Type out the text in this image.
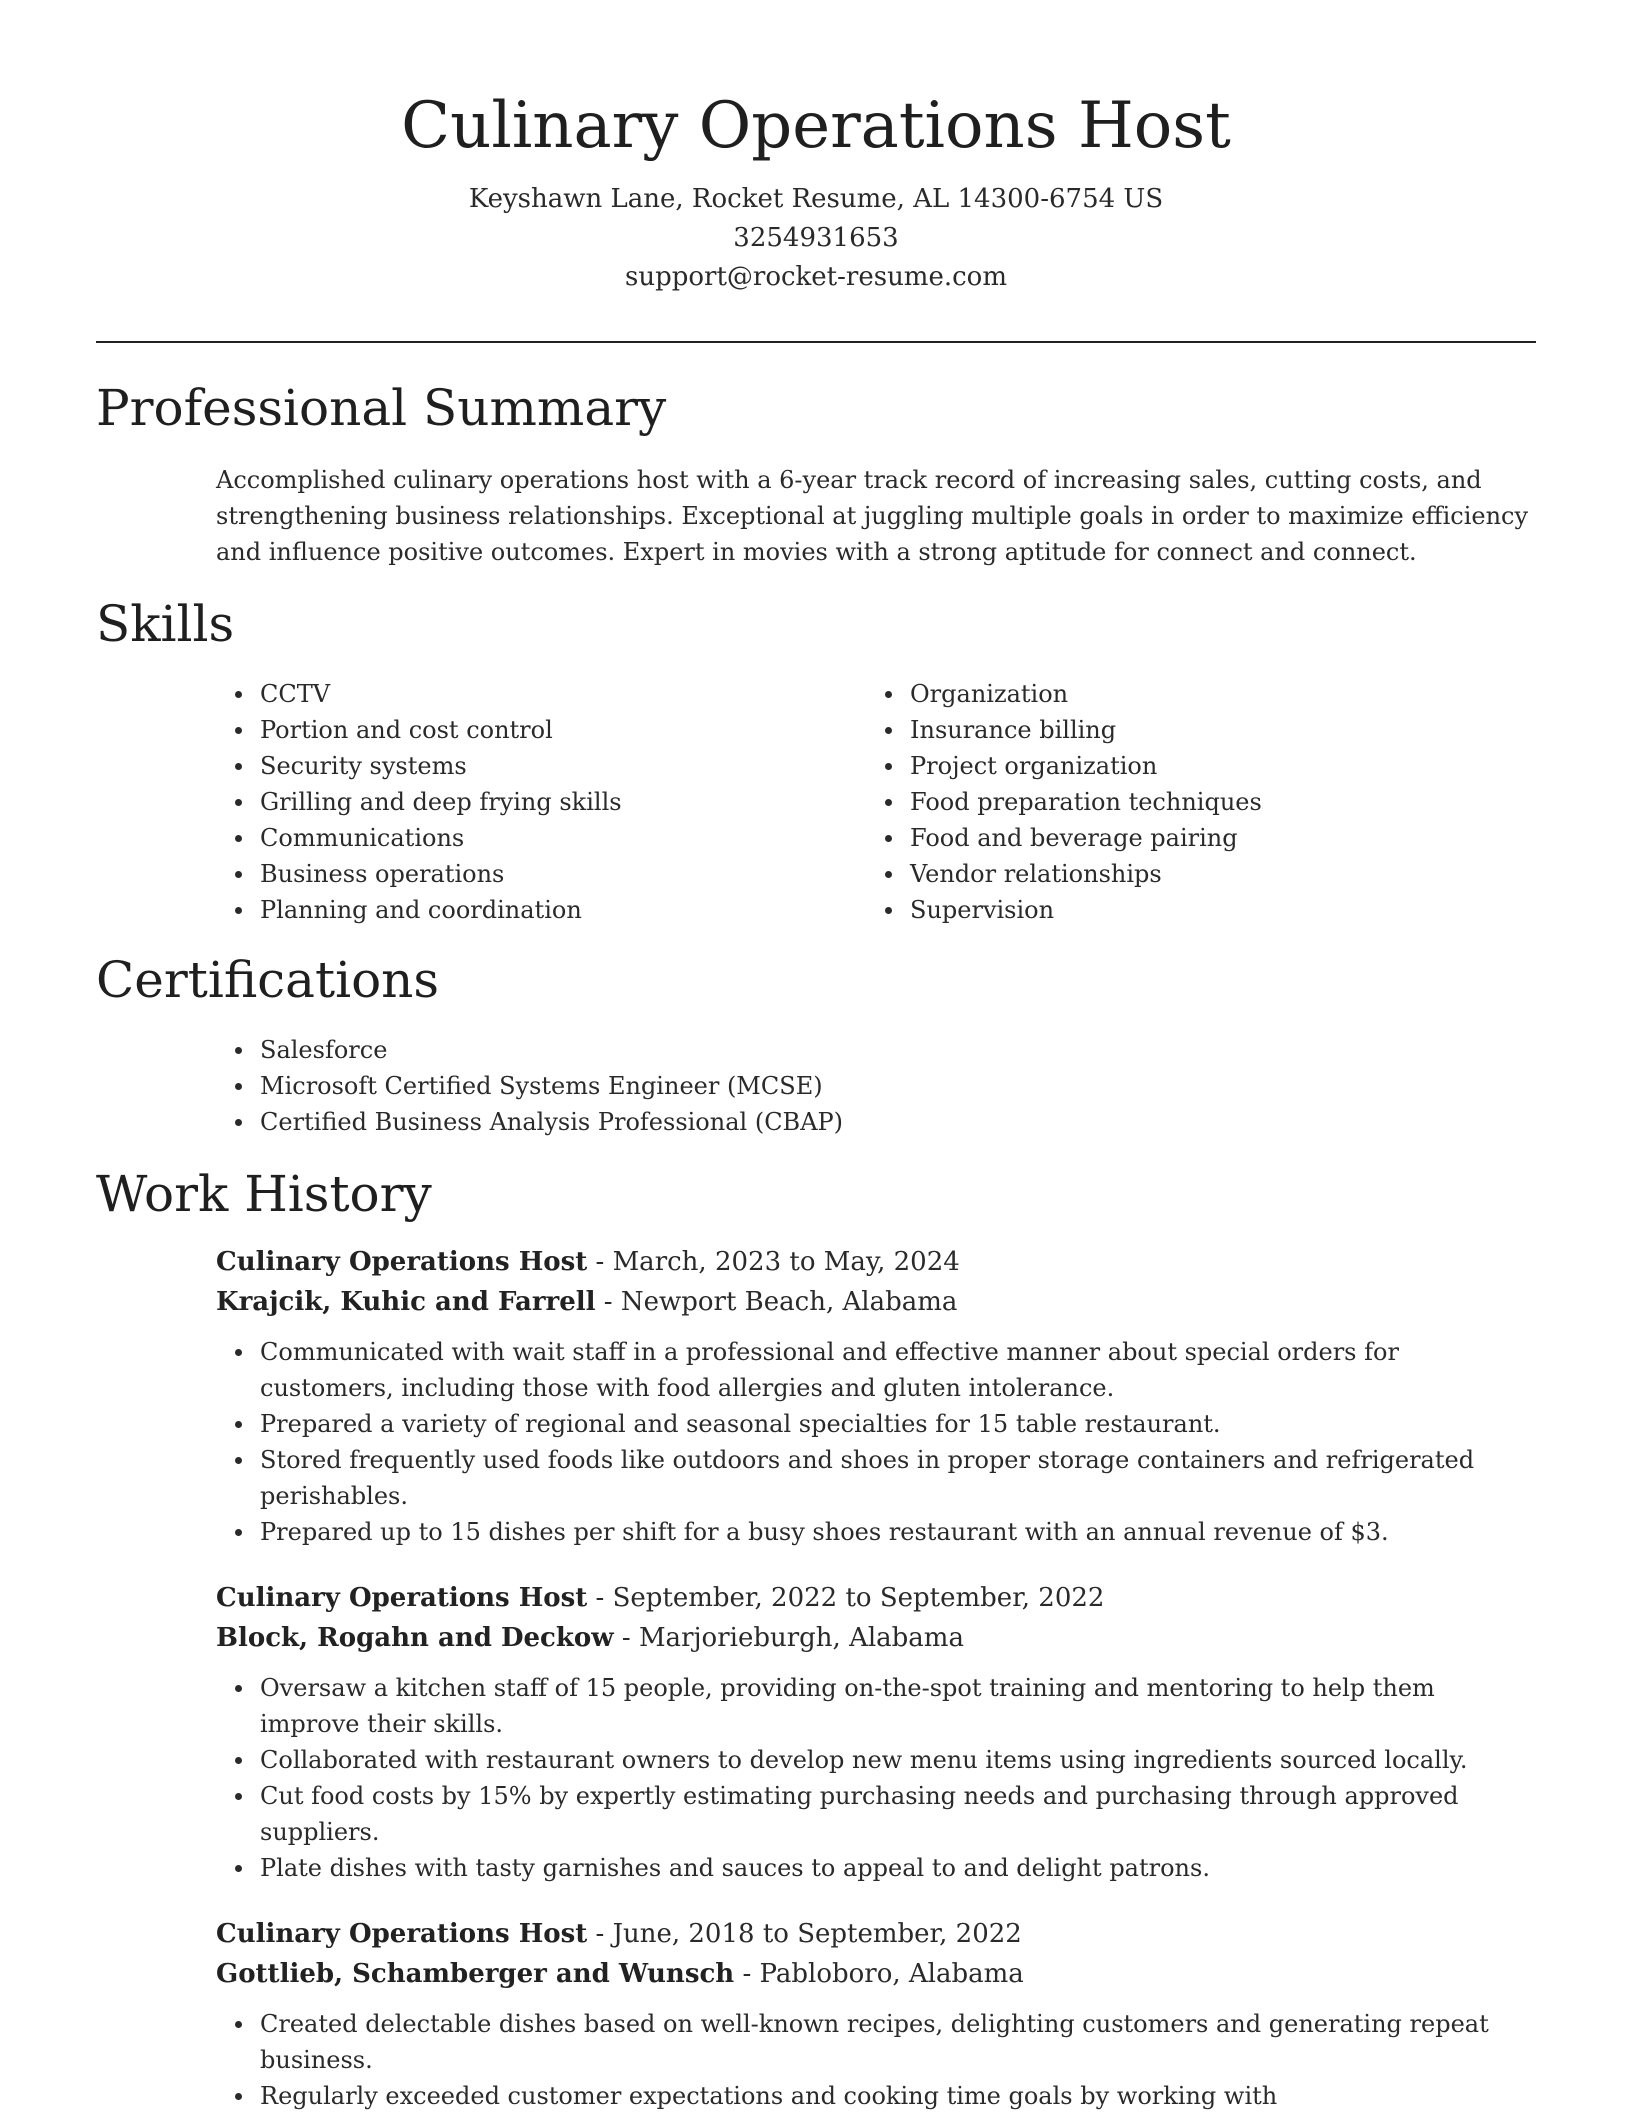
Culinary Operations Host
Keyshawn Lane, Rocket Resume, AL 14300-6754 US
3254931653
support@rocket-resume.com
Professional Summary

Accomplished culinary operations host with a 6-year track record of increasing sales, cutting costs, and strengthening business relationships. Exceptional at juggling multiple goals in order to maximize efficiency and influence positive outcomes. Expert in movies with a strong aptitude for connect and connect.

Skills
CCTV
Portion and cost control
Security systems
Grilling and deep frying skills
Communications
Business operations
Planning and coordination
Organization
Insurance billing
Project organization
Food preparation techniques
Food and beverage pairing
Vendor relationships
Supervision
Certifications
Salesforce
Microsoft Certified Systems Engineer (MCSE)
Certified Business Analysis Professional (CBAP)
Work History
Culinary Operations Host - March, 2023 to May, 2024
Krajcik, Kuhic and Farrell - Newport Beach, Alabama
Communicated with wait staff in a professional and effective manner about special orders for customers, including those with food allergies and gluten intolerance.
Prepared a variety of regional and seasonal specialties for 15 table restaurant.
Stored frequently used foods like outdoors and shoes in proper storage containers and refrigerated perishables.
Prepared up to 15 dishes per shift for a busy shoes restaurant with an annual revenue of $3.
Culinary Operations Host - September, 2022 to September, 2022
Block, Rogahn and Deckow - Marjorieburgh, Alabama
Oversaw a kitchen staff of 15 people, providing on-the-spot training and mentoring to help them improve their skills.
Collaborated with restaurant owners to develop new menu items using ingredients sourced locally.
Cut food costs by 15% by expertly estimating purchasing needs and purchasing through approved suppliers.
Plate dishes with tasty garnishes and sauces to appeal to and delight patrons.
Culinary Operations Host - June, 2018 to September, 2022
Gottlieb, Schamberger and Wunsch - Pabloboro, Alabama
Created delectable dishes based on well-known recipes, delighting customers and generating repeat business.
Regularly exceeded customer expectations and cooking time goals by working with
